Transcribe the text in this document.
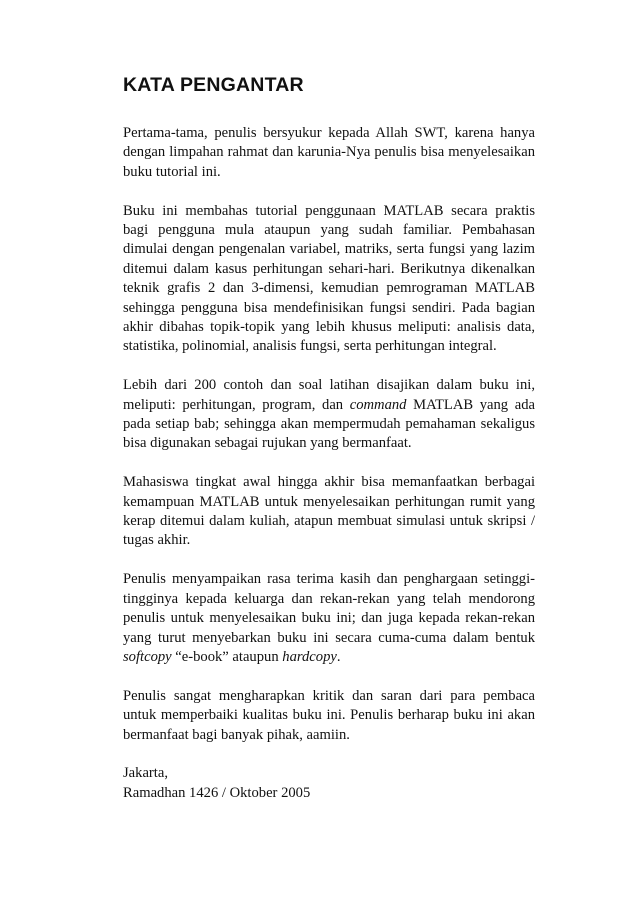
KATA PENGANTAR

Pertama-tama, penulis bersyukur kepada Allah SWT, karena hanya dengan limpahan rahmat dan karunia-Nya penulis bisa menyelesaikan buku tutorial ini.

Buku ini membahas tutorial penggunaan MATLAB secara praktis bagi pengguna mula ataupun yang sudah familiar. Pembahasan dimulai dengan pengenalan variabel, matriks, serta fungsi yang lazim ditemui dalam kasus perhitungan sehari-hari. Berikutnya dikenalkan teknik grafis 2 dan 3-dimensi, kemudian pemrograman MATLAB sehingga pengguna bisa mendefinisikan fungsi sendiri. Pada bagian akhir dibahas topik-topik yang lebih khusus meliputi: analisis data, statistika, polinomial, analisis fungsi, serta perhitungan integral.

Lebih dari 200 contoh dan soal latihan disajikan dalam buku ini, meliputi: perhitungan, program, dan command MATLAB yang ada pada setiap bab; sehingga akan mempermudah pemahaman sekaligus bisa digunakan sebagai rujukan yang bermanfaat.

Mahasiswa tingkat awal hingga akhir bisa memanfaatkan berbagai kemampuan MATLAB untuk menyelesaikan perhitungan rumit yang kerap ditemui dalam kuliah, atapun membuat simulasi untuk skripsi / tugas akhir.

Penulis menyampaikan rasa terima kasih dan penghargaan setinggi-tingginya kepada keluarga dan rekan-rekan yang telah mendorong penulis untuk menyelesaikan buku ini; dan juga kepada rekan-rekan yang turut menyebarkan buku ini secara cuma-cuma dalam bentuk softcopy “e-book” ataupun hardcopy.

Penulis sangat mengharapkan kritik dan saran dari para pembaca untuk memperbaiki kualitas buku ini. Penulis berharap buku ini akan bermanfaat bagi banyak pihak, aamiin.

Jakarta,

Ramadhan 1426 / Oktober 2005
